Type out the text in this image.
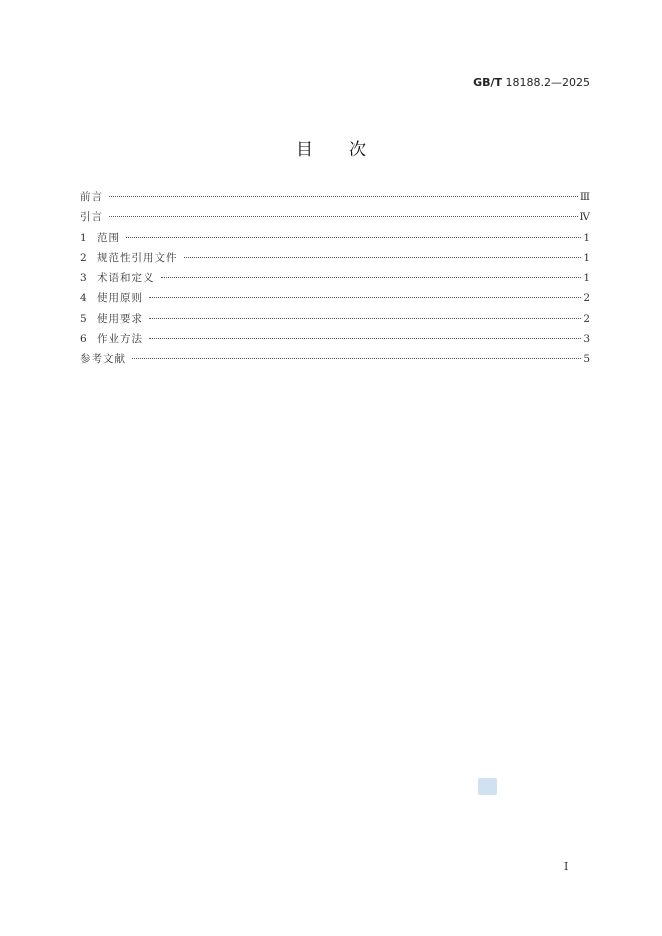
GB/T 18188.2—2025
目次
前言	Ⅲ
引言	Ⅳ
1 范围	1
2 规范性引用文件	1
3 术语和定义	1
4 使用原则	2
5 使用要求	2
6 作业方法	3
参考文献	5
Ⅰ
